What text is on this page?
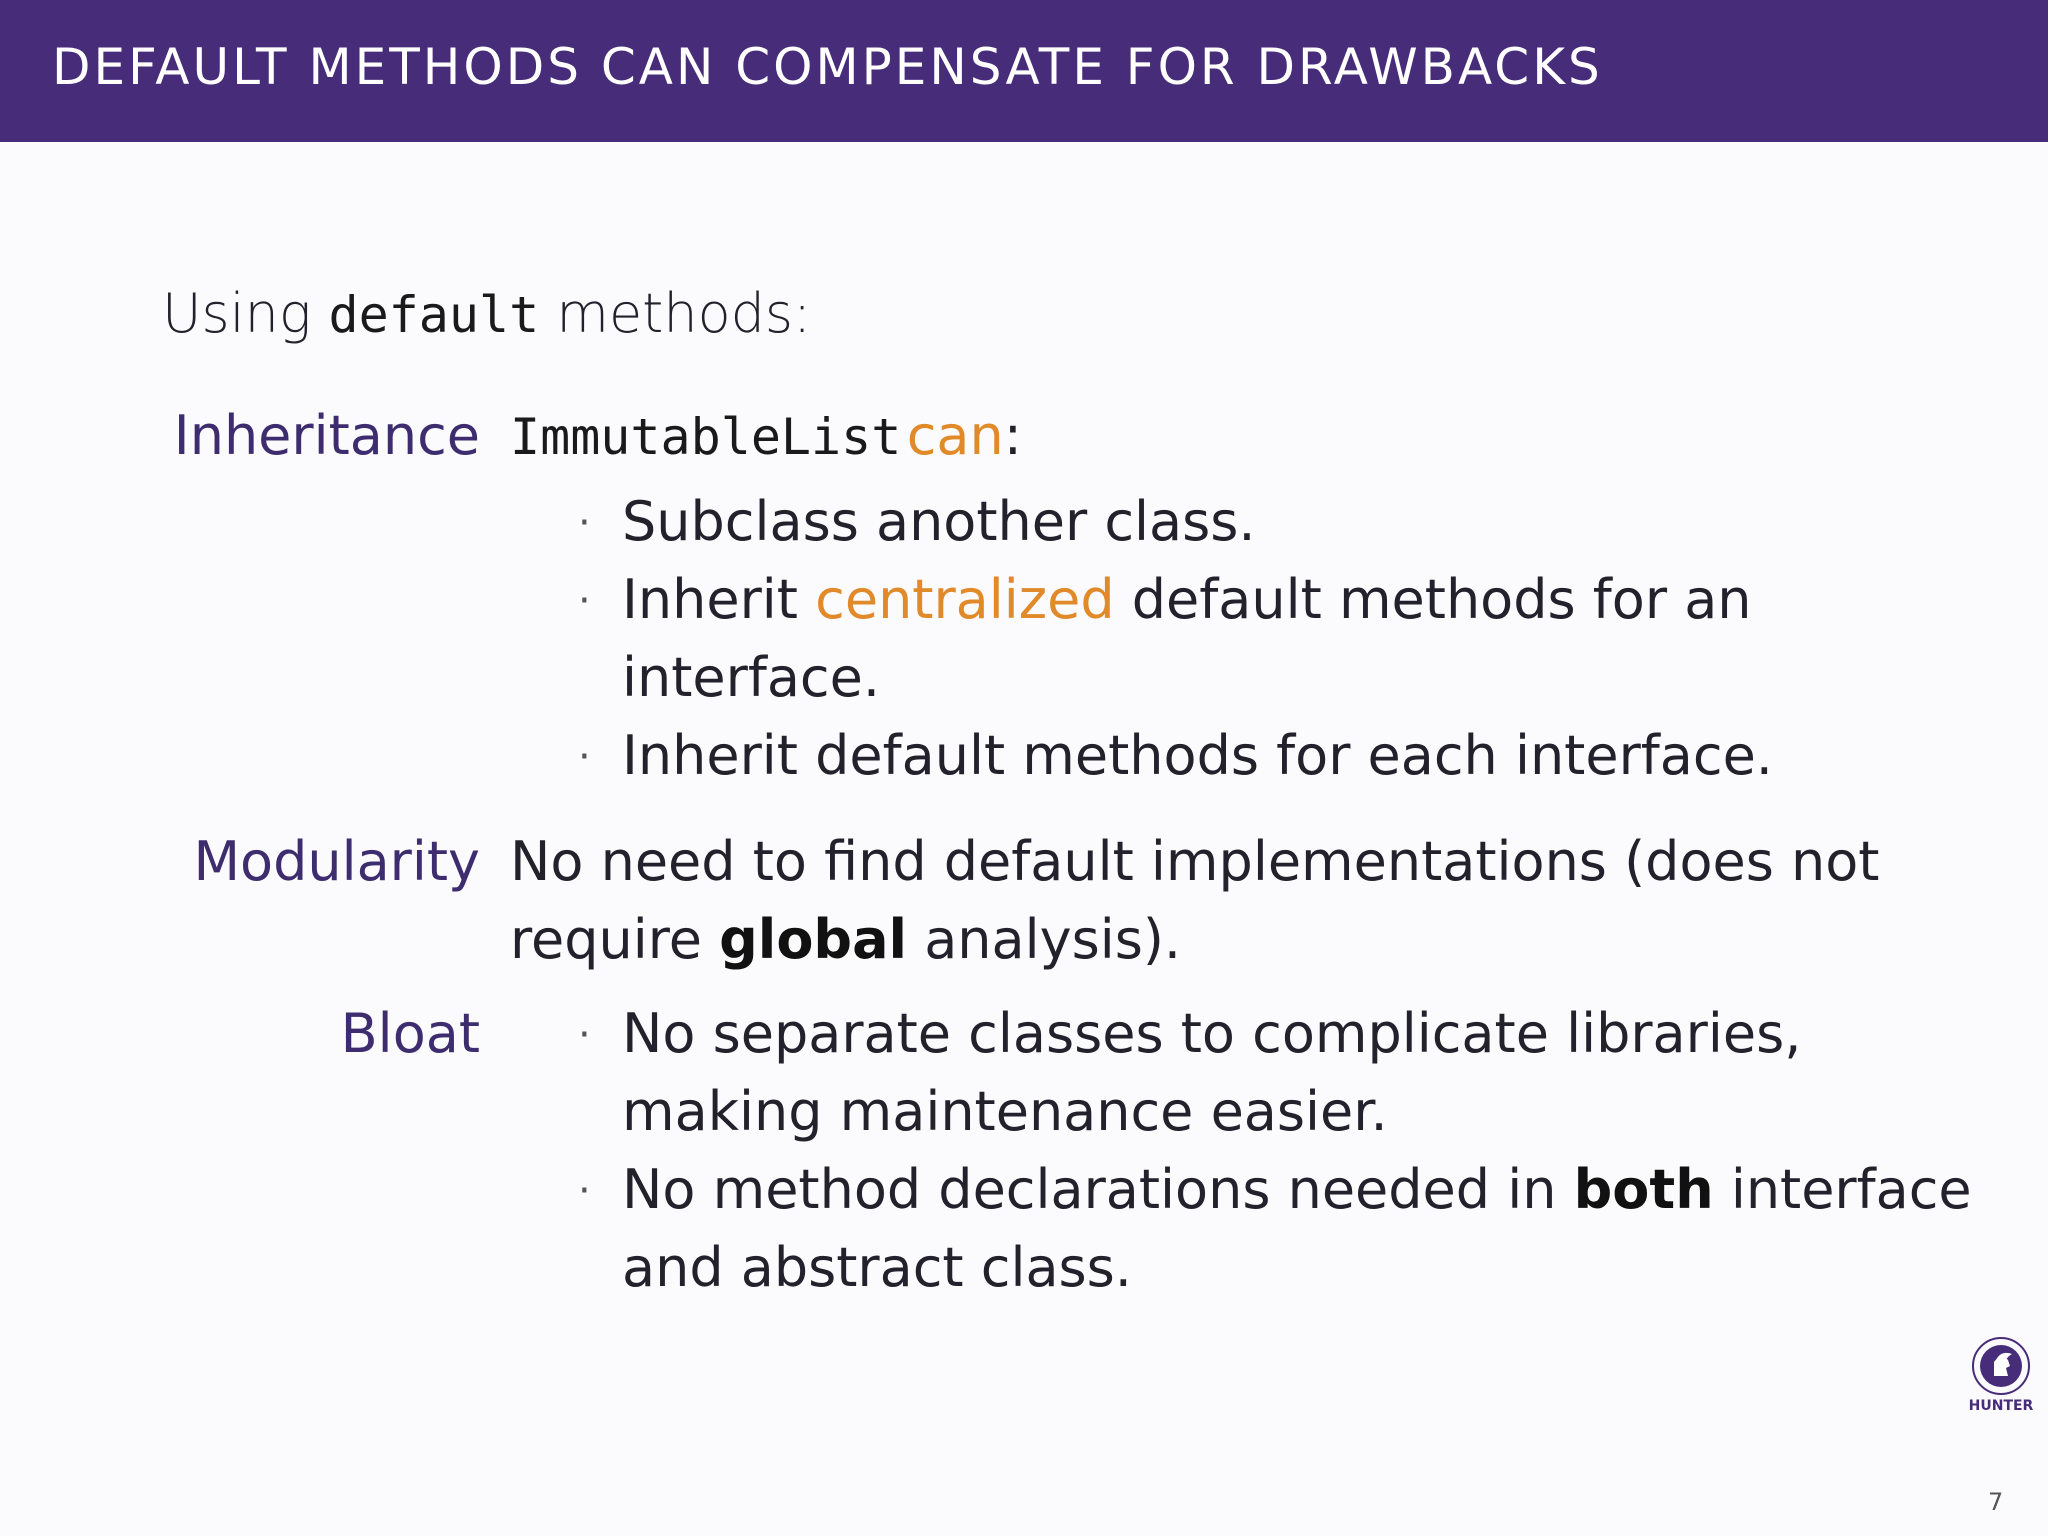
DEFAULT METHODS CAN COMPENSATE FOR DRAWBACKS
Using default methods:
Inheritance ImmutableList can:
· Subclass another class.
· Inherit centralized default methods for an
interface.
· Inherit default methods for each interface.
Modularity No need to find default implementations (does not
require global analysis).
Bloat · No separate classes to complicate libraries,
making maintenance easier.
· No method declarations needed in both interface
and abstract class.
HUNTER
7
